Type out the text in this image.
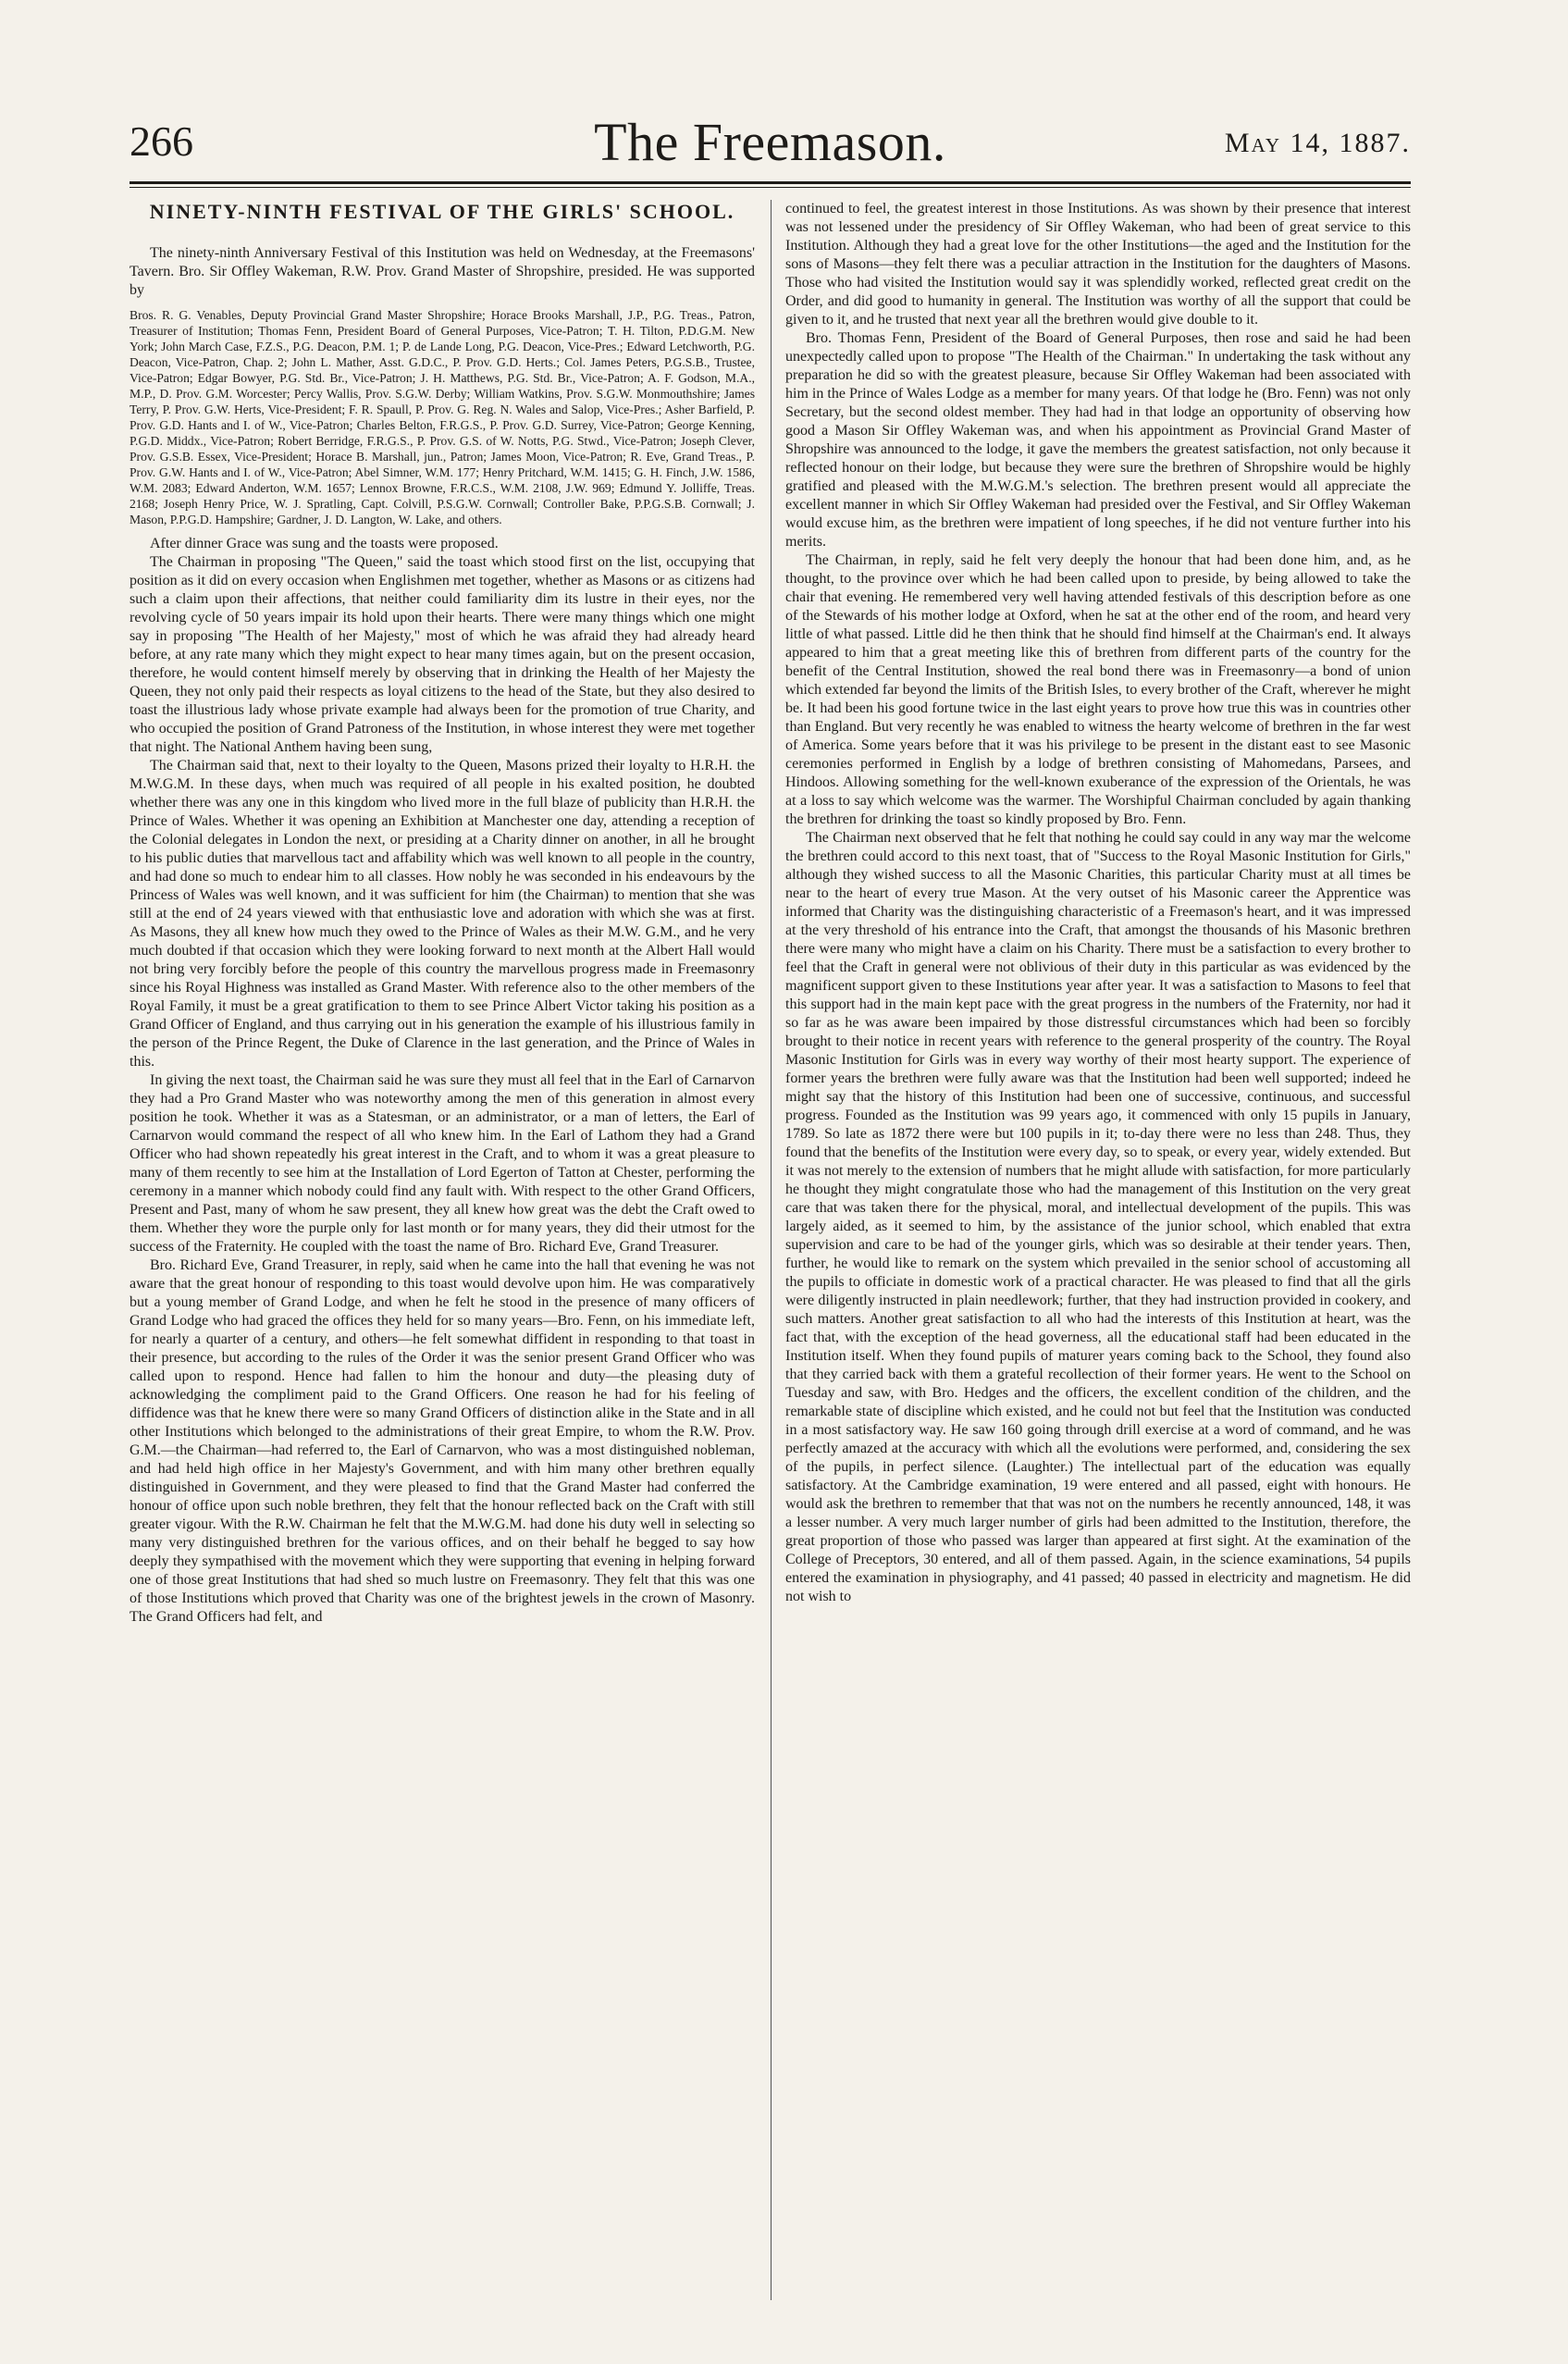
266	The Freemason.	May 14, 1887.
NINETY-NINTH FESTIVAL OF THE GIRLS' SCHOOL.

The ninety-ninth Anniversary Festival of this Institution was held on Wednesday, at the Freemasons' Tavern. Bro. Sir Offley Wakeman, R.W. Prov. Grand Master of Shropshire, presided. He was supported by

Bros. R. G. Venables, Deputy Provincial Grand Master Shropshire; Horace Brooks Marshall, J.P., P.G. Treas., Patron, Treasurer of Institution; Thomas Fenn, President Board of General Purposes, Vice-Patron; T. H. Tilton, P.D.G.M. New York; John March Case, F.Z.S., P.G. Deacon, P.M. 1; P. de Lande Long, P.G. Deacon, Vice-Pres.; Edward Letchworth, P.G. Deacon, Vice-Patron, Chap. 2; John L. Mather, Asst. G.D.C., P. Prov. G.D. Herts.; Col. James Peters, P.G.S.B., Trustee, Vice-Patron; Edgar Bowyer, P.G. Std. Br., Vice-Patron; J. H. Matthews, P.G. Std. Br., Vice-Patron; A. F. Godson, M.A., M.P., D. Prov. G.M. Worcester; Percy Wallis, Prov. S.G.W. Derby; William Watkins, Prov. S.G.W. Monmouthshire; James Terry, P. Prov. G.W. Herts, Vice-President; F. R. Spaull, P. Prov. G. Reg. N. Wales and Salop, Vice-Pres.; Asher Barfield, P. Prov. G.D. Hants and I. of W., Vice-Patron; Charles Belton, F.R.G.S., P. Prov. G.D. Surrey, Vice-Patron; George Kenning, P.G.D. Middx., Vice-Patron; Robert Berridge, F.R.G.S., P. Prov. G.S. of W. Notts, P.G. Stwd., Vice-Patron; Joseph Clever, Prov. G.S.B. Essex, Vice-President; Horace B. Marshall, jun., Patron; James Moon, Vice-Patron; R. Eve, Grand Treas., P. Prov. G.W. Hants and I. of W., Vice-Patron; Abel Simner, W.M. 177; Henry Pritchard, W.M. 1415; G. H. Finch, J.W. 1586, W.M. 2083; Edward Anderton, W.M. 1657; Lennox Browne, F.R.C.S., W.M. 2108, J.W. 969; Edmund Y. Jolliffe, Treas. 2168; Joseph Henry Price, W. J. Spratling, Capt. Colvill, P.S.G.W. Cornwall; Controller Bake, P.P.G.S.B. Cornwall; J. Mason, P.P.G.D. Hampshire; Gardner, J. D. Langton, W. Lake, and others.

After dinner Grace was sung and the toasts were proposed.

The Chairman in proposing "The Queen," said the toast which stood first on the list, occupying that position as it did on every occasion when Englishmen met together, whether as Masons or as citizens had such a claim upon their affections, that neither could familiarity dim its lustre in their eyes, nor the revolving cycle of 50 years impair its hold upon their hearts. There were many things which one might say in proposing "The Health of her Majesty," most of which he was afraid they had already heard before, at any rate many which they might expect to hear many times again, but on the present occasion, therefore, he would content himself merely by observing that in drinking the Health of her Majesty the Queen, they not only paid their respects as loyal citizens to the head of the State, but they also desired to toast the illustrious lady whose private example had always been for the promotion of true Charity, and who occupied the position of Grand Patroness of the Institution, in whose interest they were met together that night. The National Anthem having been sung,

The Chairman said that, next to their loyalty to the Queen, Masons prized their loyalty to H.R.H. the M.W.G.M. In these days, when much was required of all people in his exalted position, he doubted whether there was any one in this kingdom who lived more in the full blaze of publicity than H.R.H. the Prince of Wales. Whether it was opening an Exhibition at Manchester one day, attending a reception of the Colonial delegates in London the next, or presiding at a Charity dinner on another, in all he brought to his public duties that marvellous tact and affability which was well known to all people in the country, and had done so much to endear him to all classes. How nobly he was seconded in his endeavours by the Princess of Wales was well known, and it was sufficient for him (the Chairman) to mention that she was still at the end of 24 years viewed with that enthusiastic love and adoration with which she was at first. As Masons, they all knew how much they owed to the Prince of Wales as their M.W. G.M., and he very much doubted if that occasion which they were looking forward to next month at the Albert Hall would not bring very forcibly before the people of this country the marvellous progress made in Freemasonry since his Royal Highness was installed as Grand Master. With reference also to the other members of the Royal Family, it must be a great gratification to them to see Prince Albert Victor taking his position as a Grand Officer of England, and thus carrying out in his generation the example of his illustrious family in the person of the Prince Regent, the Duke of Clarence in the last generation, and the Prince of Wales in this.

In giving the next toast, the Chairman said he was sure they must all feel that in the Earl of Carnarvon they had a Pro Grand Master who was noteworthy among the men of this generation in almost every position he took. Whether it was as a Statesman, or an administrator, or a man of letters, the Earl of Carnarvon would command the respect of all who knew him. In the Earl of Lathom they had a Grand Officer who had shown repeatedly his great interest in the Craft, and to whom it was a great pleasure to many of them recently to see him at the Installation of Lord Egerton of Tatton at Chester, performing the ceremony in a manner which nobody could find any fault with. With respect to the other Grand Officers, Present and Past, many of whom he saw present, they all knew how great was the debt the Craft owed to them. Whether they wore the purple only for last month or for many years, they did their utmost for the success of the Fraternity. He coupled with the toast the name of Bro. Richard Eve, Grand Treasurer.

Bro. Richard Eve, Grand Treasurer, in reply, said when he came into the hall that evening he was not aware that the great honour of responding to this toast would devolve upon him. He was comparatively but a young member of Grand Lodge, and when he felt he stood in the presence of many officers of Grand Lodge who had graced the offices they held for so many years—Bro. Fenn, on his immediate left, for nearly a quarter of a century, and others—he felt somewhat diffident in responding to that toast in their presence, but according to the rules of the Order it was the senior present Grand Officer who was called upon to respond. Hence had fallen to him the honour and duty—the pleasing duty of acknowledging the compliment paid to the Grand Officers. One reason he had for his feeling of diffidence was that he knew there were so many Grand Officers of distinction alike in the State and in all other Institutions which belonged to the administrations of their great Empire, to whom the R.W. Prov. G.M.—the Chairman—had referred to, the Earl of Carnarvon, who was a most distinguished nobleman, and had held high office in her Majesty's Government, and with him many other brethren equally distinguished in Government, and they were pleased to find that the Grand Master had conferred the honour of office upon such noble brethren, they felt that the honour reflected back on the Craft with still greater vigour. With the R.W. Chairman he felt that the M.W.G.M. had done his duty well in selecting so many very distinguished brethren for the various offices, and on their behalf he begged to say how deeply they sympathised with the movement which they were supporting that evening in helping forward one of those great Institutions that had shed so much lustre on Freemasonry. They felt that this was one of those Institutions which proved that Charity was one of the brightest jewels in the crown of Masonry. The Grand Officers had felt, and

continued to feel, the greatest interest in those Institutions. As was shown by their presence that interest was not lessened under the presidency of Sir Offley Wakeman, who had been of great service to this Institution. Although they had a great love for the other Institutions—the aged and the Institution for the sons of Masons—they felt there was a peculiar attraction in the Institution for the daughters of Masons. Those who had visited the Institution would say it was splendidly worked, reflected great credit on the Order, and did good to humanity in general. The Institution was worthy of all the support that could be given to it, and he trusted that next year all the brethren would give double to it.

Bro. Thomas Fenn, President of the Board of General Purposes, then rose and said he had been unexpectedly called upon to propose "The Health of the Chairman." In undertaking the task without any preparation he did so with the greatest pleasure, because Sir Offley Wakeman had been associated with him in the Prince of Wales Lodge as a member for many years. Of that lodge he (Bro. Fenn) was not only Secretary, but the second oldest member. They had had in that lodge an opportunity of observing how good a Mason Sir Offley Wakeman was, and when his appointment as Provincial Grand Master of Shropshire was announced to the lodge, it gave the members the greatest satisfaction, not only because it reflected honour on their lodge, but because they were sure the brethren of Shropshire would be highly gratified and pleased with the M.W.G.M.'s selection. The brethren present would all appreciate the excellent manner in which Sir Offley Wakeman had presided over the Festival, and Sir Offley Wakeman would excuse him, as the brethren were impatient of long speeches, if he did not venture further into his merits.

The Chairman, in reply, said he felt very deeply the honour that had been done him, and, as he thought, to the province over which he had been called upon to preside, by being allowed to take the chair that evening. He remembered very well having attended festivals of this description before as one of the Stewards of his mother lodge at Oxford, when he sat at the other end of the room, and heard very little of what passed. Little did he then think that he should find himself at the Chairman's end. It always appeared to him that a great meeting like this of brethren from different parts of the country for the benefit of the Central Institution, showed the real bond there was in Freemasonry—a bond of union which extended far beyond the limits of the British Isles, to every brother of the Craft, wherever he might be. It had been his good fortune twice in the last eight years to prove how true this was in countries other than England. But very recently he was enabled to witness the hearty welcome of brethren in the far west of America. Some years before that it was his privilege to be present in the distant east to see Masonic ceremonies performed in English by a lodge of brethren consisting of Mahomedans, Parsees, and Hindoos. Allowing something for the well-known exuberance of the expression of the Orientals, he was at a loss to say which welcome was the warmer. The Worshipful Chairman concluded by again thanking the brethren for drinking the toast so kindly proposed by Bro. Fenn.

The Chairman next observed that he felt that nothing he could say could in any way mar the welcome the brethren could accord to this next toast, that of "Success to the Royal Masonic Institution for Girls," although they wished success to all the Masonic Charities, this particular Charity must at all times be near to the heart of every true Mason. At the very outset of his Masonic career the Apprentice was informed that Charity was the distinguishing characteristic of a Freemason's heart, and it was impressed at the very threshold of his entrance into the Craft, that amongst the thousands of his Masonic brethren there were many who might have a claim on his Charity. There must be a satisfaction to every brother to feel that the Craft in general were not oblivious of their duty in this particular as was evidenced by the magnificent support given to these Institutions year after year. It was a satisfaction to Masons to feel that this support had in the main kept pace with the great progress in the numbers of the Fraternity, nor had it so far as he was aware been impaired by those distressful circumstances which had been so forcibly brought to their notice in recent years with reference to the general prosperity of the country. The Royal Masonic Institution for Girls was in every way worthy of their most hearty support. The experience of former years the brethren were fully aware was that the Institution had been well supported; indeed he might say that the history of this Institution had been one of successive, continuous, and successful progress. Founded as the Institution was 99 years ago, it commenced with only 15 pupils in January, 1789. So late as 1872 there were but 100 pupils in it; to-day there were no less than 248. Thus, they found that the benefits of the Institution were every day, so to speak, or every year, widely extended. But it was not merely to the extension of numbers that he might allude with satisfaction, for more particularly he thought they might congratulate those who had the management of this Institution on the very great care that was taken there for the physical, moral, and intellectual development of the pupils. This was largely aided, as it seemed to him, by the assistance of the junior school, which enabled that extra supervision and care to be had of the younger girls, which was so desirable at their tender years. Then, further, he would like to remark on the system which prevailed in the senior school of accustoming all the pupils to officiate in domestic work of a practical character. He was pleased to find that all the girls were diligently instructed in plain needlework; further, that they had instruction provided in cookery, and such matters. Another great satisfaction to all who had the interests of this Institution at heart, was the fact that, with the exception of the head governess, all the educational staff had been educated in the Institution itself. When they found pupils of maturer years coming back to the School, they found also that they carried back with them a grateful recollection of their former years. He went to the School on Tuesday and saw, with Bro. Hedges and the officers, the excellent condition of the children, and the remarkable state of discipline which existed, and he could not but feel that the Institution was conducted in a most satisfactory way. He saw 160 going through drill exercise at a word of command, and he was perfectly amazed at the accuracy with which all the evolutions were performed, and, considering the sex of the pupils, in perfect silence. (Laughter.) The intellectual part of the education was equally satisfactory. At the Cambridge examination, 19 were entered and all passed, eight with honours. He would ask the brethren to remember that that was not on the numbers he recently announced, 148, it was a lesser number. A very much larger number of girls had been admitted to the Institution, therefore, the great proportion of those who passed was larger than appeared at first sight. At the examination of the College of Preceptors, 30 entered, and all of them passed. Again, in the science examinations, 54 pupils entered the examination in physiography, and 41 passed; 40 passed in electricity and magnetism. He did not wish to
